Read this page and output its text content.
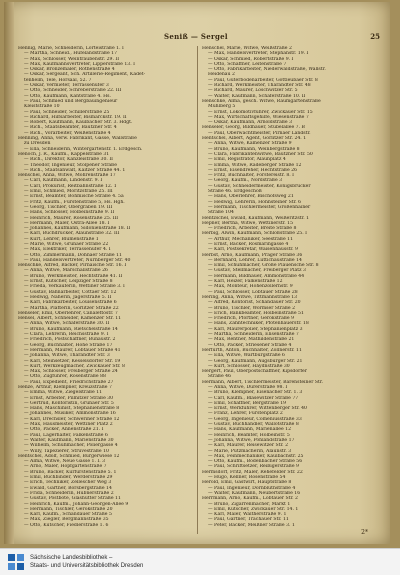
Seniß — Sergel	25

Hennig, Marie, Schneiderin, Lorteistraße 1. I

— Martha, Schneid., Hufelandstraße 17

— Max, Schlosser, Weintraubenstr. 29. II

— Max, Kaufmannsvertreter, Lipperstraße 13. I

— Oskar, Bronzemaler, Rothenstraße 4

— Oskar, Sergeant, Sch. Artillerie-Regiment, Kadet-

tenheim, Tele, Hörsaal, 52. 7

— Oskar, Vermieter, Terrassenufer 3

— Otto, Schneider, Schreberstraße 22. III

— Otto, Kaufmann, Kantstraße 4. Hs.

— Paul, Schmied und Bergbauingenieur

Kleiststraße 10

— Paul, Schneider, Schillerstraße 25

— Richard, Hilfsarbeiter, Bismarckstr. 19. II

— Robert, Kaufmann, Kaulbacher Str. 3. Hdgt.

— Rich., Staatsbeamter, Bautzner Str. 4

— Rich., Vorarbeiter, Weißenstraße 4

Henning, Anna, verw. Fabrikant, Gasse, Wallstraße

zu Dresden

— Ella, Schneiderin, Wintergartenstr. 1. Erdgesch.

Henoch, J. R., Kaufm., Kappelstraße 31

— Rich., Direktor, Kanzleistraße 30. II

— Theodor, Ingenieur, Stolpener Straße

— Rich., Staatsanwalt, Kaitzer Straße 44. 1

Henschel, Anna, Witwe, Mohrenstraße 17

— Carl, Kaufmann, Lindenstr. 9. I

— Carl, Prokurist, Reitbahnstraße 12. 1

— Emil, Schmied, Moritzstraße 25. III

— Ernst, Beamter, Böhmische Straße 4. 5a

— Fritz, Kaufm., Fürstenstraße 5, Hs. Hgh.

— Georg, Tischler, Obergraben 19. III

— Hans, Schlosser, Holbeinstraße 9. II

— Heinrich, Maurer, Rosenstraße 25. III

— Hermann, Maler, Ostra-Allee 18. I

— Johannes, Kaufmann, Sidonienstraße 18. II

— Karl, Buchdrucker, Alaunstraße 32. III

— Kurt, Lehrer, Blumenstraße 1

— Marie, Witwe, Grunaer Straße 22

— Max, Elektriker, Terrassenufer 4. I

— Otto, Zimmermann, Dohnaer Straße 11

— Paul, Handelsvertreter, Nürnberger Str. 40

Henschke, Alfred, Bäcker, Pirnaische Str. 16. I

— Anna, Witwe, Marschallstraße 26

— Bruno, Werkmeister, Hechtstraße 41. II

— Ernst, Kutscher, Leipziger Straße 8

— Frieda, Verkäuferin, Wettiner Straße 3. I

— Gustav, Bahnarbeiter, Cottaer Str. 12

— Hedwig, Näherin, Jägerstraße 5. II

— Karl, Fabrikarbeiter, Louisenstraße 6

— Martha, Plätterin, Görlitzer Straße 22

Henseler, Emil, Oberlehrer, Canalettostr. 7

Hensel, Albert, Schneider, Kamenzer Str. 11

— Anna, Witwe, Schäferstraße 30. II

— Bruno, Kaufmann, Rietschelstraße 14

— Clara, Lehrerin, Reichsstraße 9. I

— Friedrich, Postschaffner, Bünaustr. 2

— Georg, Buchhalter, Hohe Straße 17

— Hermann, Maurer, Löbtauer Straße 41

— Johanna, Witwe, Tharandter Str. 3

— Karl, Steinsetzer, Kesselsdorfer Str. 19

— Kurt, Werkzeugmacher, Zwickauer Str. 8

— Max, Schlosser, Freiberger Straße 24

— Otto, Zugführer, Rosenstraße 88

— Paul, Expedient, Friedrichstraße 27

Henze, Arthur, Klempner, Kreuzstraße 7

— Emma, Witwe, Ziegelstraße 11

— Ernst, Arbeiter, Pillnitzer Straße 30

— Gertrud, Kontoristin, Grunaer Str. 5

— Hans, Maschinist, Stephanienstraße 8

— Johannes, Musiker, Ammonstraße 16

— Karl, Drechsler, Schweriner Straße 12

— Max, Hausmeister, Wettiner Platz 2

— Otto, Packer, Annenstraße 21. I

— Paul, Lagerhalter, Falkenstraße 6

— Walter, Kaufmann, Marienstraße 30

— Wilhelm, Schuhmacher, Poliergasse 4

— Willy, Tapezierer, Struvestraße 10

Hentschel, Adolf, Schmied, Bürgerwiese 12

— Alma, Witwe, Neue Gasse 1. I. 3

— Arno, Maler, Hopfgartenstraße 7

— Bruno, Bäcker, Kurfürstenstraße 5. 1

— Emil, Buchbinder, Werderstraße 29

— Erich, Techniker, Zellescher Weg 3

— Ewald, Gärtner, Borsbergstraße 14

— Frida, Schneiderin, Hübnerstraße 2

— Gustav, Postbote, Glashütter Straße 11

— Heinrich, Kaufm., Johann-Georgen-Allee 9

— Hermann, Tischler, Gerokstraße 20

— Karl, Kaufm., Schandauer Straße 5

— Max, Ziegler, Bergmannstraße 35

— Otto, Kutscher, Fiedlerstraße 1. 6

Henschel, Marie, Witwe, Weißstraße 2

— Max, Handelsvertreter, Stephanstr. 19. I

— Oskar, Schmied, Robertstraße 9. I

— Otto, Schaffner, Leitenstraße 7

— Otto, Fabrikarbeiter, Niederwaldstraße, Wallstr.

Heidenau 2

— Paul, Güterbodenarbeiter, Gottleubaer Str. 8

— Richard, Werkmeister, Tharandter Str. 48

— Richard, Maurer, Loschwitzer Str. 5

— Walter, Kaufmann, Schäferstraße 10. II

Henschke, Alma, gesch. Witwe, Raumgartenstraße

Mühlberg 5

— Ernst, Lokomotivführer, Zwickauer Str. 15

— Max, Wirtschaftsgehilfe, Wiesenstraße 7

— Oskar, Kaufmann, Arnoldstraße 3

Henseler, Georg, Bildhauer, Stübelallee 7. B

— Paul, Oberwachtmeister, Pirnaer Landstr.

Hentschel, Albert, Agent, Görlitzer Str. 24. 1

— Anna, Witwe, Kamenzer Straße 9

— Bruno, Kaufmann, Weinbergstraße 8

— Clara, Fabrikantenwitwe, Bautzner Str. 50

— Emil, Registrator, Alaunplatz 4

— Emma, Witwe, Radeberger Straße 12

— Ernst, Eisendreher, Hechtstraße 26

— Fritz, Buchhalter, Förstereistr. 8. I

— Georg, Kaufm., Nordstraße 3

— Gustav, Schneidermeister, Königsbrücker

Straße 46. Erdgeschoß

— Hans, Oberlehrer, Bischofsweg 21

— Hedwig, Lehrerin, Hohnsteiner Str. 6

— Hermann, Tischlermeister, Großenhainer

Straße 104

Hentzschel, Ewald, Kaufmann, Weißeritzstr. 1

Hepner, Bertha, Witwe, Wettinerstr. 15

— Friedrich, Arbeiter, Breite Straße 8

Herbig, Alwin, Kaufmann, Schloßstraße 25. I

— Arthur, Mechaniker, Seestraße 11

— Ernst, Bäcker, Rosmaringasse 4

— Karl, Postsekretär, Waisenhausstr. 9

Herbst, Arno, Kaufmann, Prager Straße 36

— Bernhard, Lehrer, Lüttichaustraße 14

— Emil, Schuhmacher, Große Plauensche Str. 8

— Gustav, Stellmacher, Freiberger Platz 3

— Hermann, Bildhauer, Ammonstraße 44

— Karl, Heizer, Falkenstraße 12

— Max, Monteur, Hohenzollernstr. 9

— Paul, Schlosser, Löbtauer Straße 28

Hering, Anna, Witwe, Tittmannstraße 13

— Alfred, Kontorist, Schandauer Str. 20

— Bruno, Tischler, Wormser Straße 2

— Erich, Bankbeamter, Holbeinstraße 51

— Friedrich, Pförtner, Gerokstraße 9

— Hans, Zahntechniker, Pfotenhauerstr. 18

— Karl, Maurerpolier, Stephanienplatz 3

— Martha, Schneiderin, Elisenstraße 7

— Max, Rentner, Mathildenstraße 21

— Otto, Packer, Striesener Straße 4

Herfurth, Anton, Buchhalter, Zöllnerstr. 11

— Ella, Witwe, Wartburgstraße 6

— Georg, Kaufmann, Augsburger Str. 21

— Kurt, Schlosser, Haydnstraße 30

Hergert, Paul, Oberpostschaffner, Kipsdorfer

Straße 46

Hermann, Albert, Tischlermeister, Bärensteiner Str.

— Anna, Witwe, Dürerstraße 98. I

— Bruno, Klempner, Eisenacher Str. 1. 3

— Carl, Kaufm., Blasewitzer Straße 77

— Emil, Schaffner, Bergstraße 19

— Ernst, Werkführer, Wittenberger Str. 40

— Franz, Lehrer, Fürstenplatz 2

— Georg, Ingenieur, Comeniusstraße 33

— Gustav, Buchhändler, Wallotstraße 8

— Hans, Kaufmann, Marienallee 12

— Heinrich, Beamter, Holbeinstr. 5

— Johanna, Witwe, Pohlandstraße 17

— Karl, Maurer, Reisewitzer Str. 2

— Marie, Putzmacherin, Alaunstr. 3

— Max, Feinmechaniker, Kaulbachstr. 25

— Otto, Kaufm., Bodenbacher Straße 56

— Paul, Schriftsetzer, Reißigerstraße 9

Hermsdorf, Fritz, Maler, Rehefelder Str. 22

— Hugo, Kellner, Rosenstraße 54

Herold, Emil, Gastwirt, Hauptstraße 8

— Paul, Ingenieur, Dornblüthstraße 4

— Walter, Kaufmann, Neubertstraße 16

Herrmann, Arno, Kaufm., Löbtauer Str. 2

— Bruno, Zigarrenmacher, Markt 1

— Emil, Kutscher, Zwickauer Str. 14. 1

— Karl, Maler, Waltherstraße 9. 1

— Paul, Gärtner, Trachauer Str. 11

— Peter, Bäcker, Meißner Straße 3. 1

2*
Sächsische Landesbibliothek –
Staats- und Universitätsbibliothek Dresden
